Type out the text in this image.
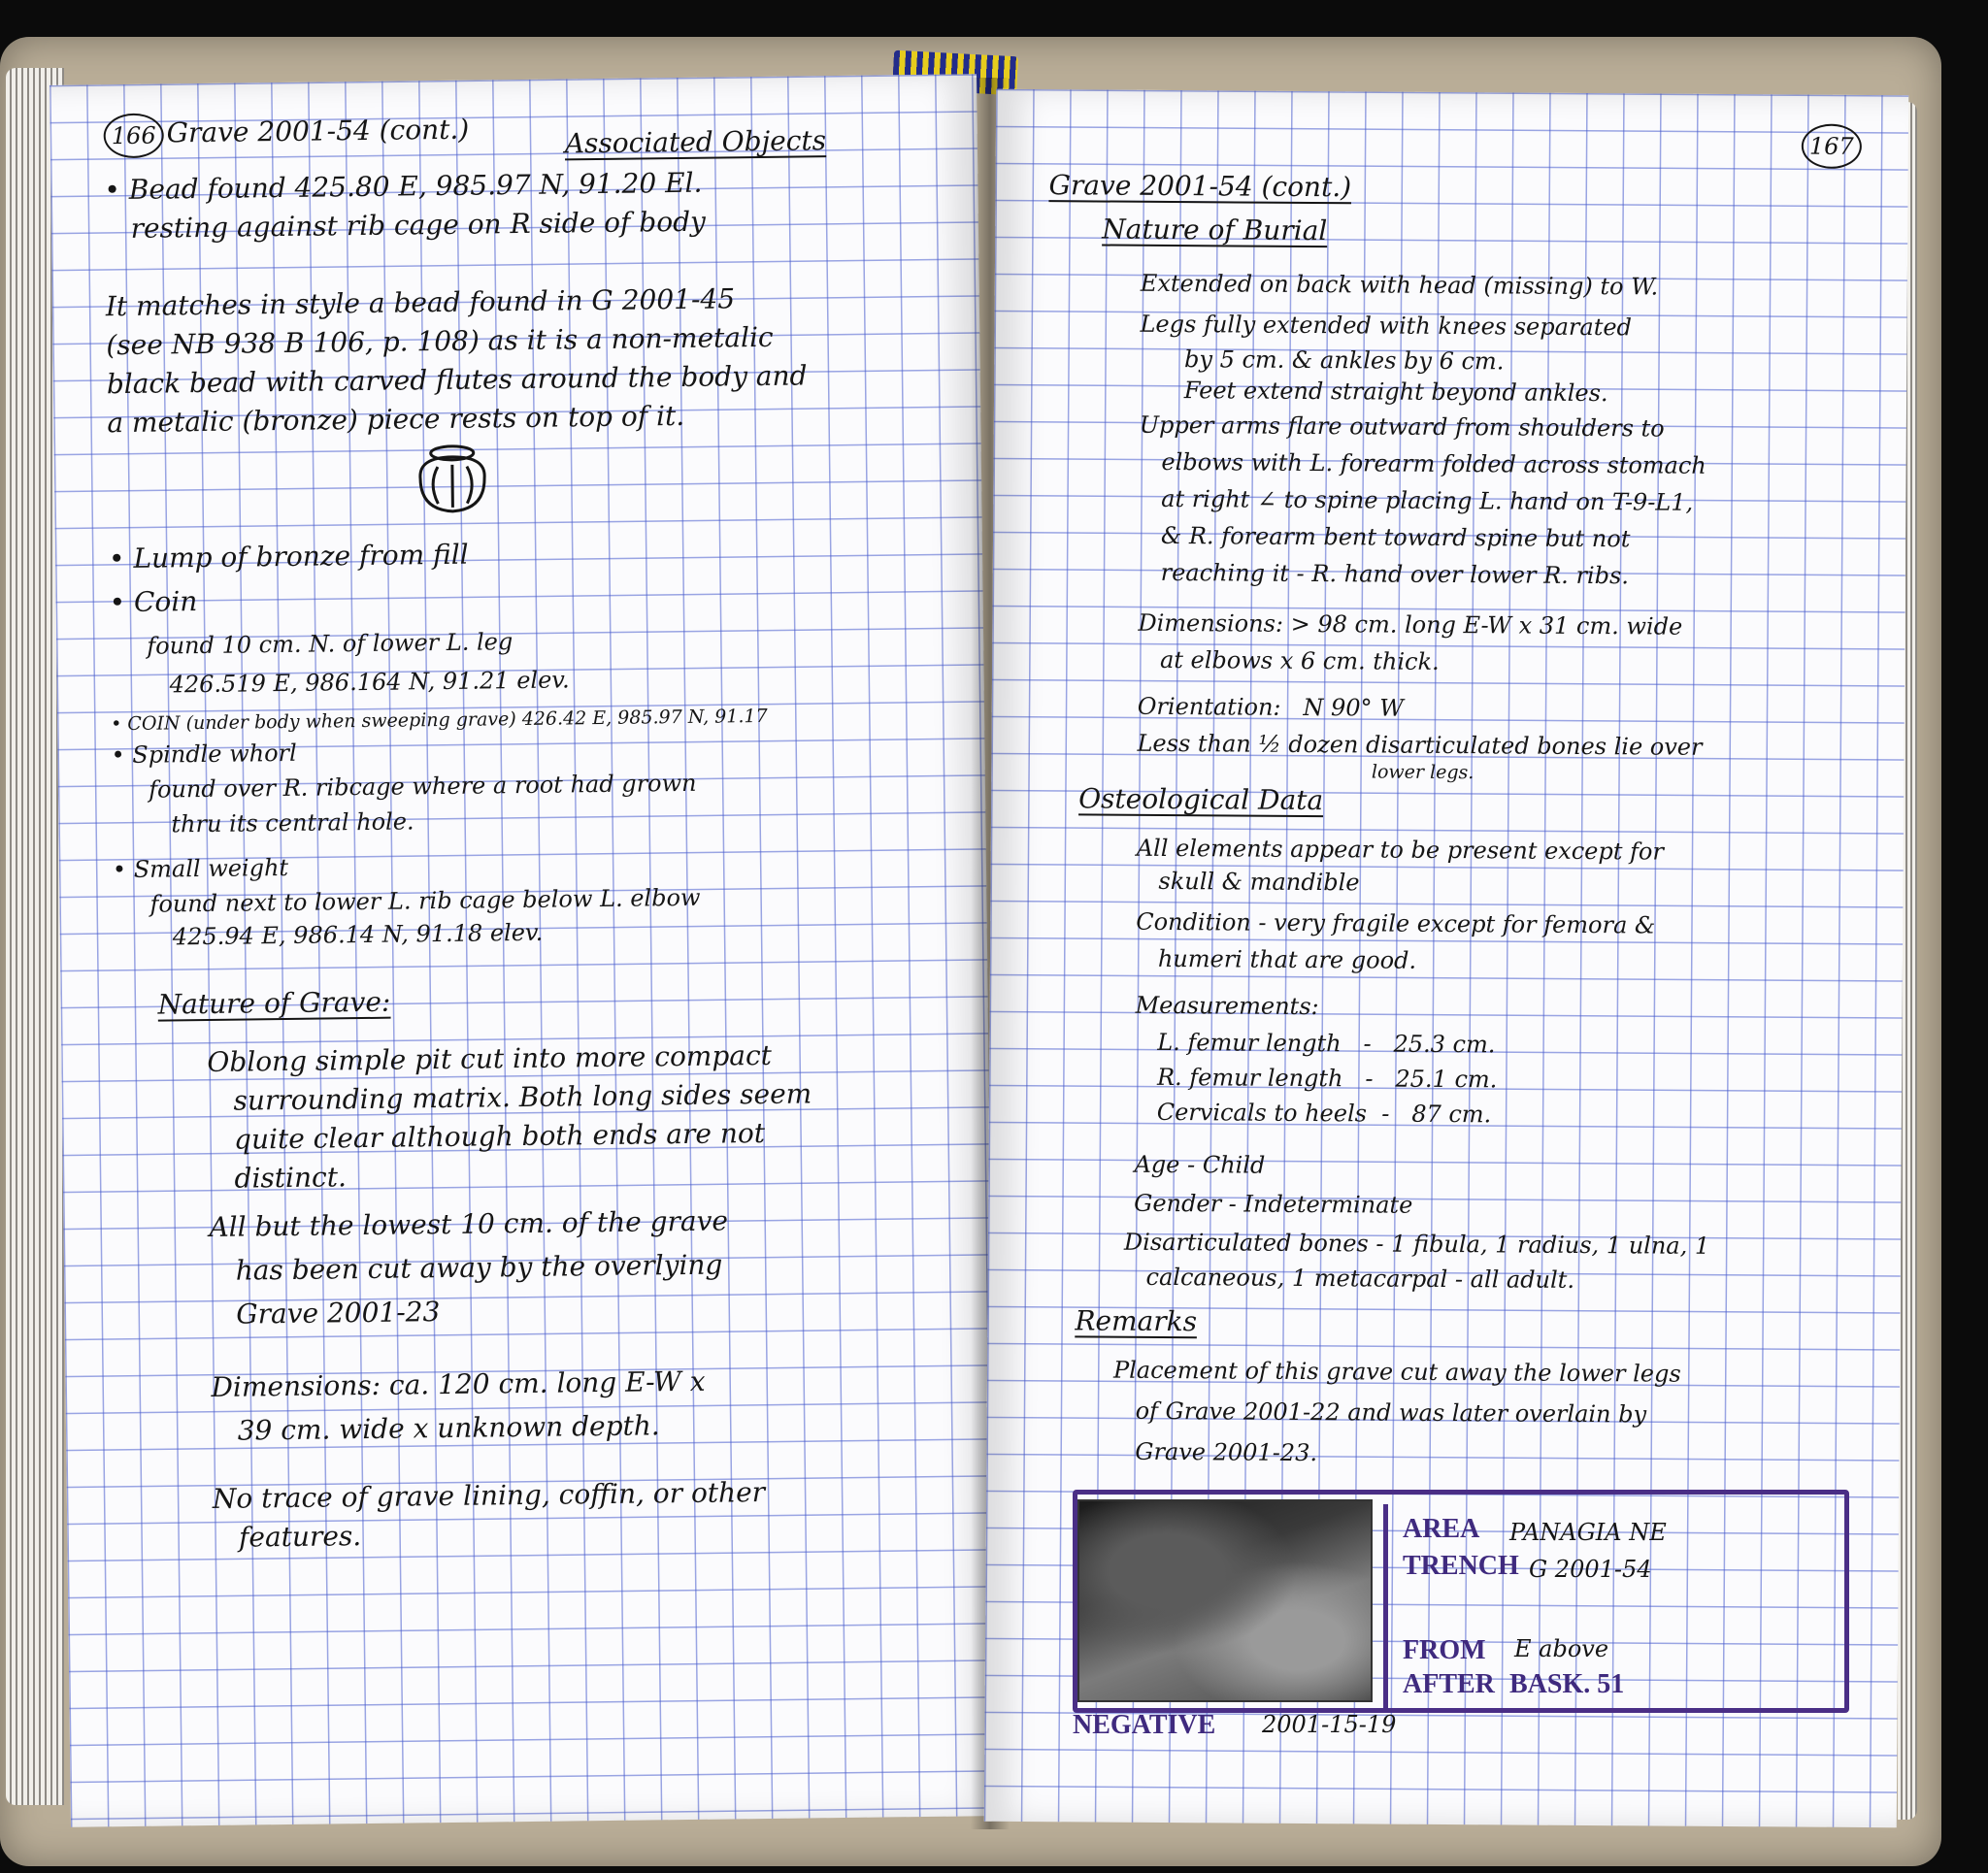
166 Grave 2001-54 (cont.)	Associated Objects

• Bead found 425.80 E, 985.97 N, 91.20 El.

resting against rib cage on R side of body

It matches in style a bead found in G 2001-45

(see NB 938 B 106, p. 108) as it is a non-metalic

black bead with carved flutes around the body and

a metalic (bronze) piece rests on top of it.

• Lump of bronze from fill

• Coin

found 10 cm. N. of lower L. leg

426.519 E, 986.164 N, 91.21 elev.

• COIN (under body when sweeping grave) 426.42 E, 985.97 N, 91.17

• Spindle whorl

found over R. ribcage where a root had grown

thru its central hole.

• Small weight

found next to lower L. rib cage below L. elbow

425.94 E, 986.14 N, 91.18 elev.

Nature of Grave:

Oblong simple pit cut into more compact

surrounding matrix. Both long sides seem

quite clear although both ends are not

distinct.

All but the lowest 10 cm. of the grave

has been cut away by the overlying

Grave 2001-23

Dimensions: ca. 120 cm. long E-W x

39 cm. wide x unknown depth.

No trace of grave lining, coffin, or other

features.

167

Grave 2001-54 (cont.)

Nature of Burial

Extended on back with head (missing) to W.

Legs fully extended with knees separated

by 5 cm. & ankles by 6 cm.

Feet extend straight beyond ankles.

Upper arms flare outward from shoulders to

elbows with L. forearm folded across stomach

at right ∠ to spine placing L. hand on T-9-L1,

& R. forearm bent toward spine but not

reaching it - R. hand over lower R. ribs.

Dimensions: > 98 cm. long E-W x 31 cm. wide

at elbows x 6 cm. thick.

Orientation:   N 90° W

Less than ½ dozen disarticulated bones lie over

lower legs.

Osteological Data

All elements appear to be present except for

skull & mandible

Condition - very fragile except for femora &

humeri that are good.

Measurements:

L. femur length   -   25.3 cm.

R. femur length   -   25.1 cm.

Cervicals to heels  -   87 cm.

Age - Child

Gender - Indeterminate

Disarticulated bones - 1 fibula, 1 radius, 1 ulna, 1

calcaneous, 1 metacarpal - all adult.

Remarks

Placement of this grave cut away the lower legs

of Grave 2001-22 and was later overlain by

Grave 2001-23.

AREA PANAGIA NE

TRENCH G 2001-54

FROM E above

AFTER BASK. 51

NEGATIVE 2001-15-19
